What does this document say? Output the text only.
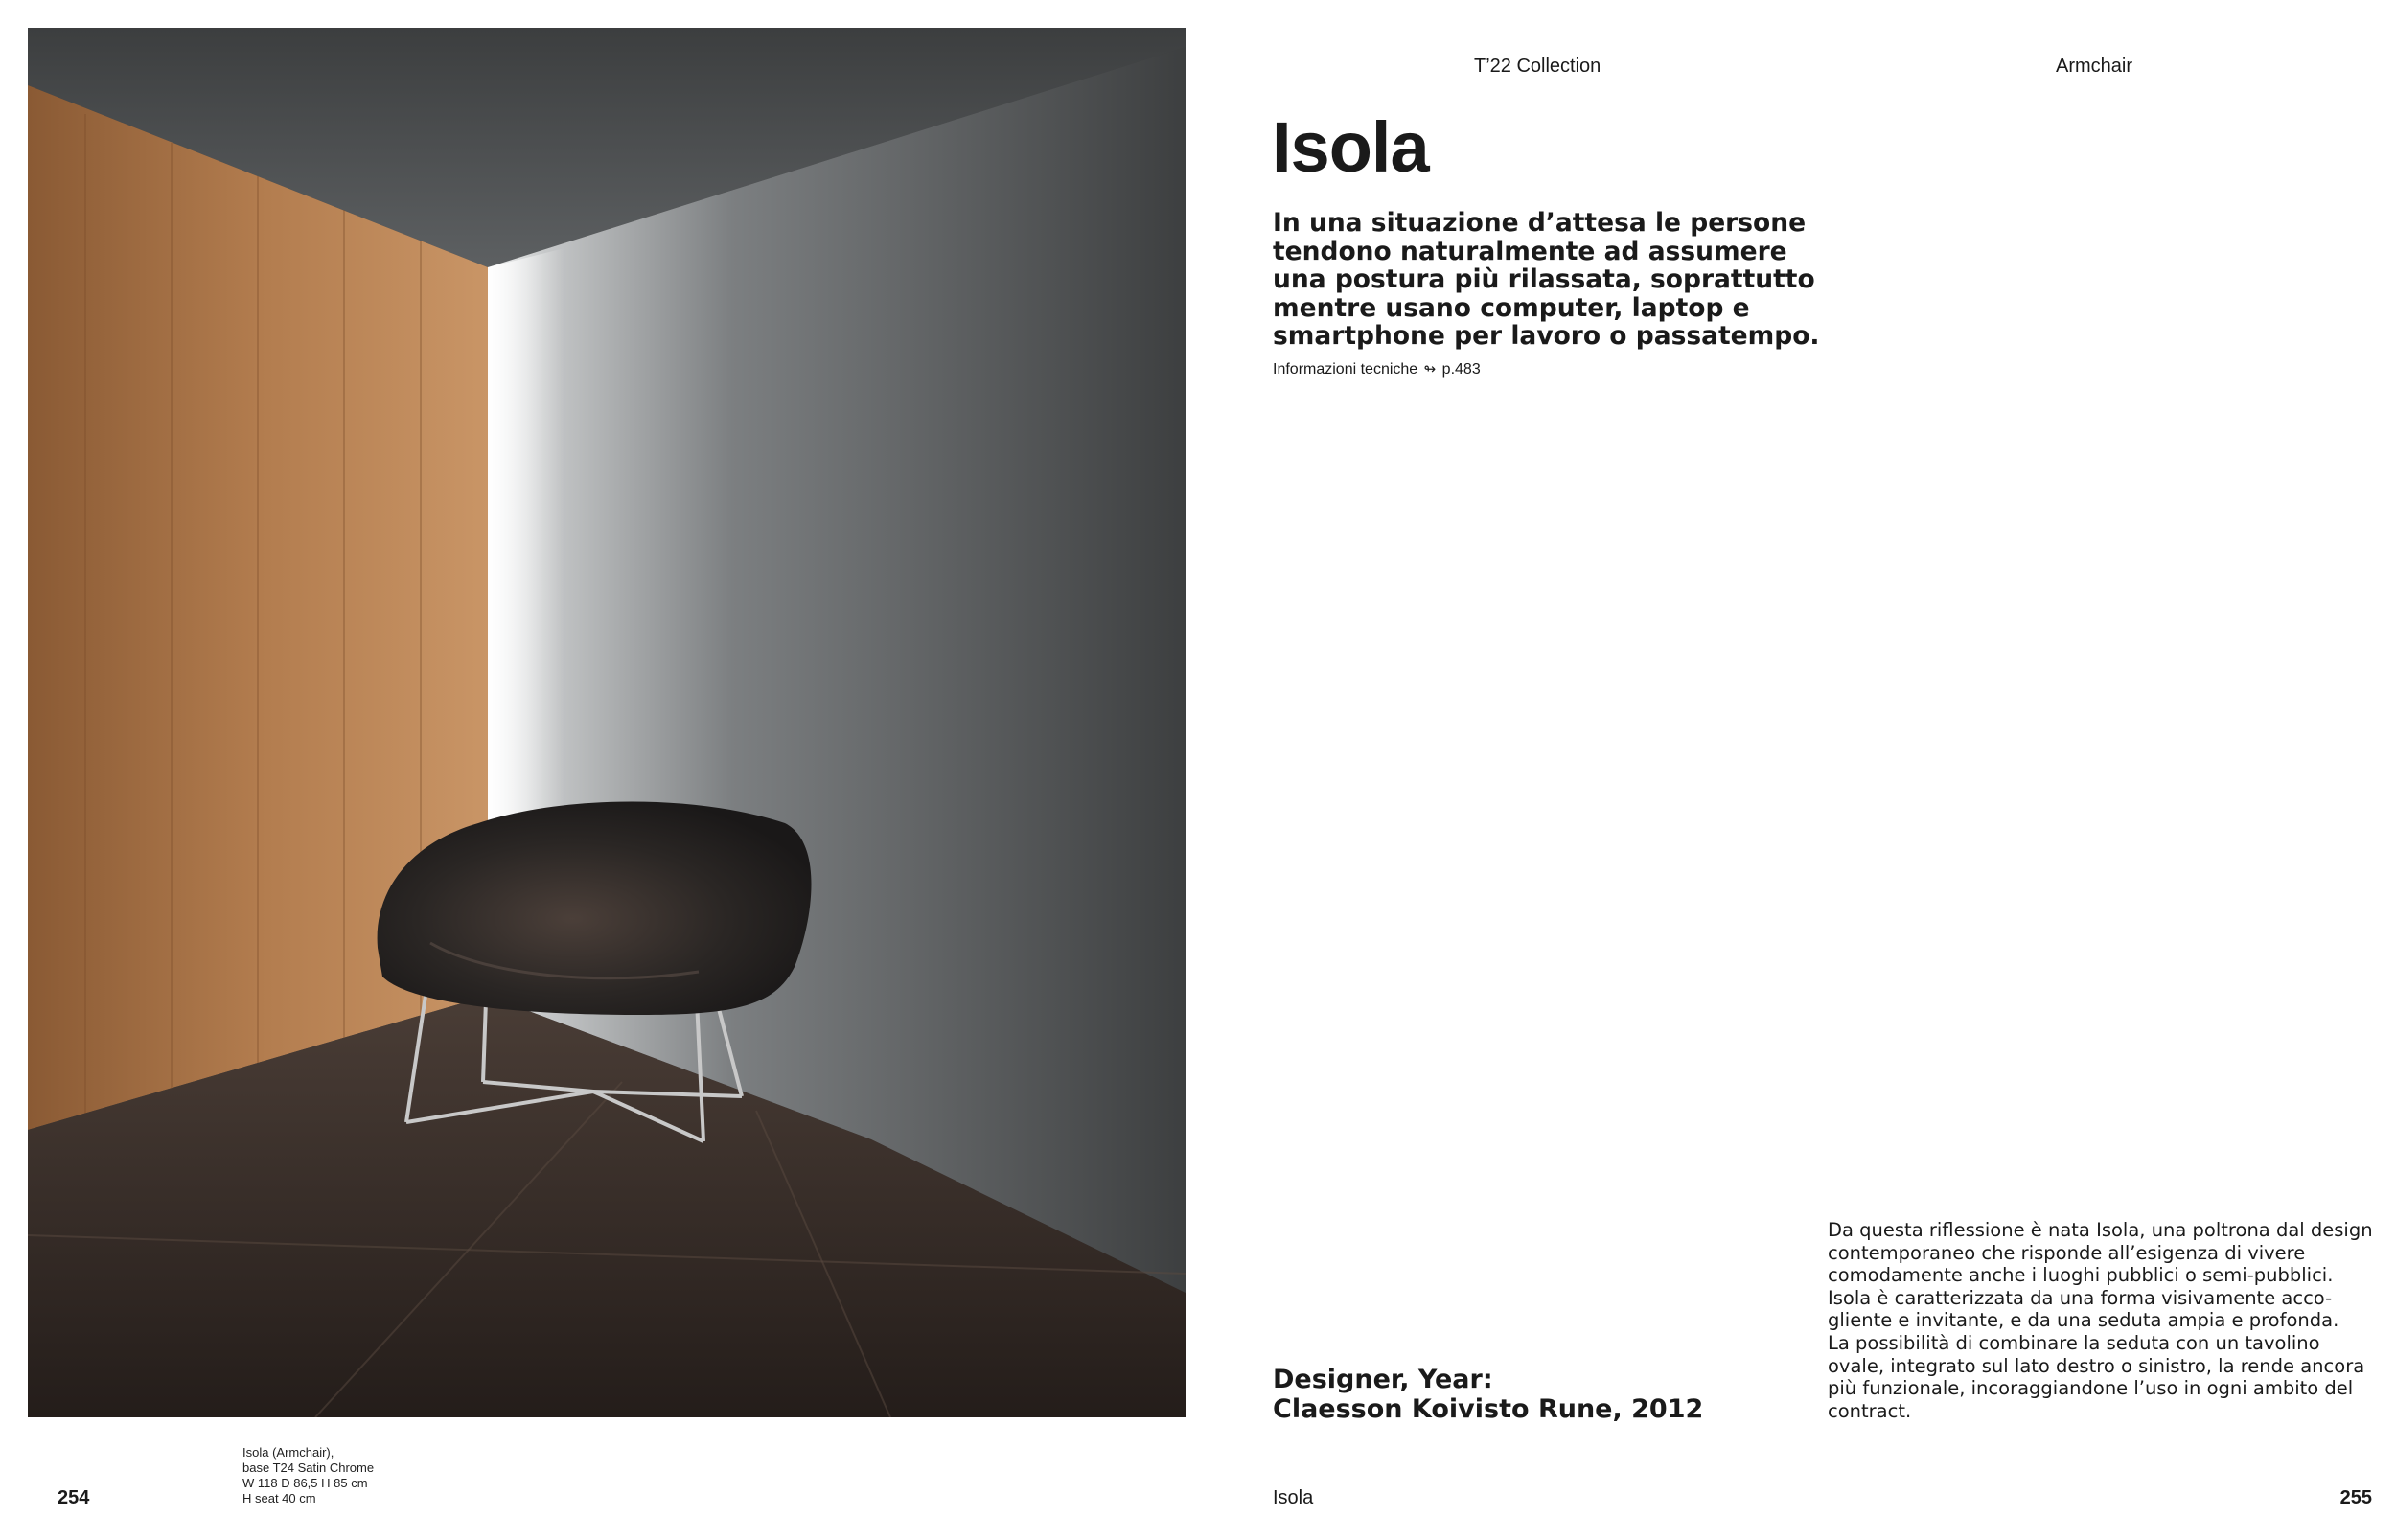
Isola (Armchair),
base T24 Satin Chrome
W 118 D 86,5 H 85 cm
H seat 40 cm
254
T’22 Collection	Armchair
Isola
In una situazione d’attesa le persone
tendono naturalmente ad assumere
una postura più rilassata, soprattutto
mentre usano computer, laptop e
smartphone per lavoro o passatempo.
Informazioni tecniche ↬ p.483
Designer, Year:
Claesson Koivisto Rune, 2012
Da questa riflessione è nata Isola, una poltrona dal design
contemporaneo che risponde all’esigenza di vivere
comodamente anche i luoghi pubblici o semi-pubblici.
Isola è caratterizzata da una forma visivamente acco-
gliente e invitante, e da una seduta ampia e profonda.
La possibilità di combinare la seduta con un tavolino
ovale, integrato sul lato destro o sinistro, la rende ancora
più funzionale, incoraggiandone l’uso in ogni ambito del
contract.
Isola	255
